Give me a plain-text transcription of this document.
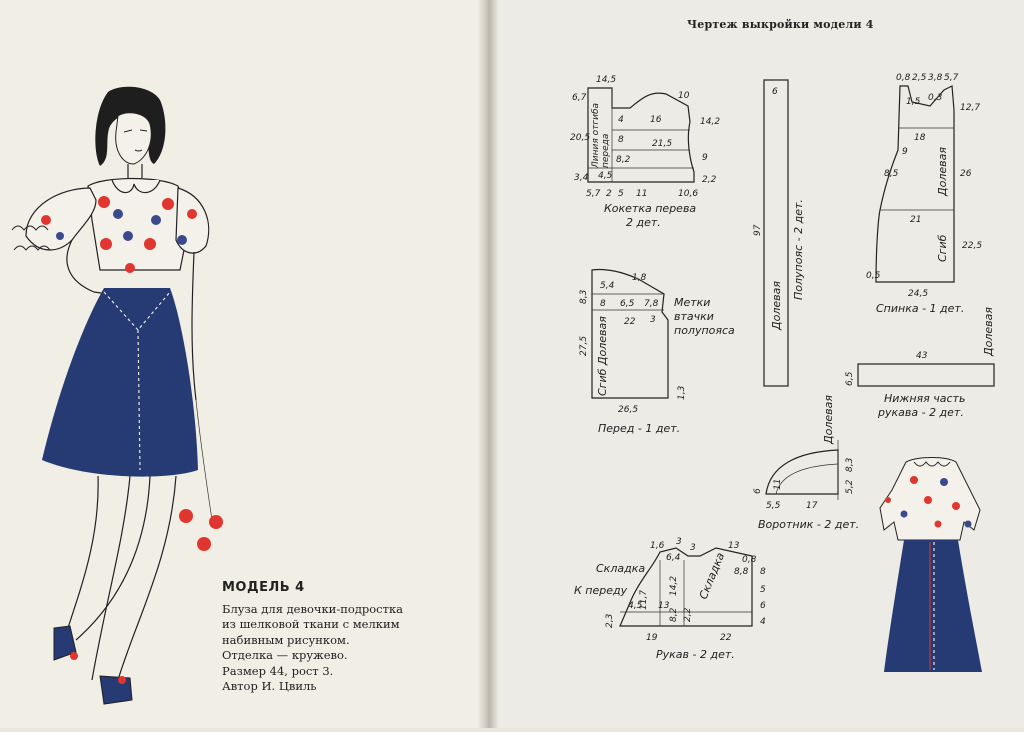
МОДЕЛЬ 4
Блуза для девочки-подростка
из шелковой ткани с мелким
набивным рисунком.
Отделка — кружево.
Размер 44, рост 3.
Автор И. Цвиль
Чертеж выкройки модели 4
14,5
6,7
20,5
3,4
10
14,2
2,2
9
4	16
8	21,5
8,2
4,5
5,7 2 5 11	10,6
Линия отгиба переда
Кокетка перева
2 дет.
6
97
Долевая
Полупояс - 2 дет.
0,8 2,5 3,8 5,7
0,3
12,7
1,5
18
9
26
8,5
21
22,5
0,5
24,5
Долевая
Сгиб
Спинка - 1 дет.
5,4
1,8
6,5 7,8
8
8,3
22 3
27,5
26,5
1,3
Сгиб Долевая
Метки
втачки
полупояса
Перед - 1 дет.
43
6,5
Долевая
Нижняя часть
рукава - 2 дет.
11
6
5,5	17
8,3
5,2
Долевая
Воротник - 2 дет.
1,6 3
3	13
6,4	0,8
11,7
14,2
8,8
4,5 13
8,2 2,2
2,3
19	22
4
6
5
8
Складка	Складка
К переду
Рукав - 2 дет.
